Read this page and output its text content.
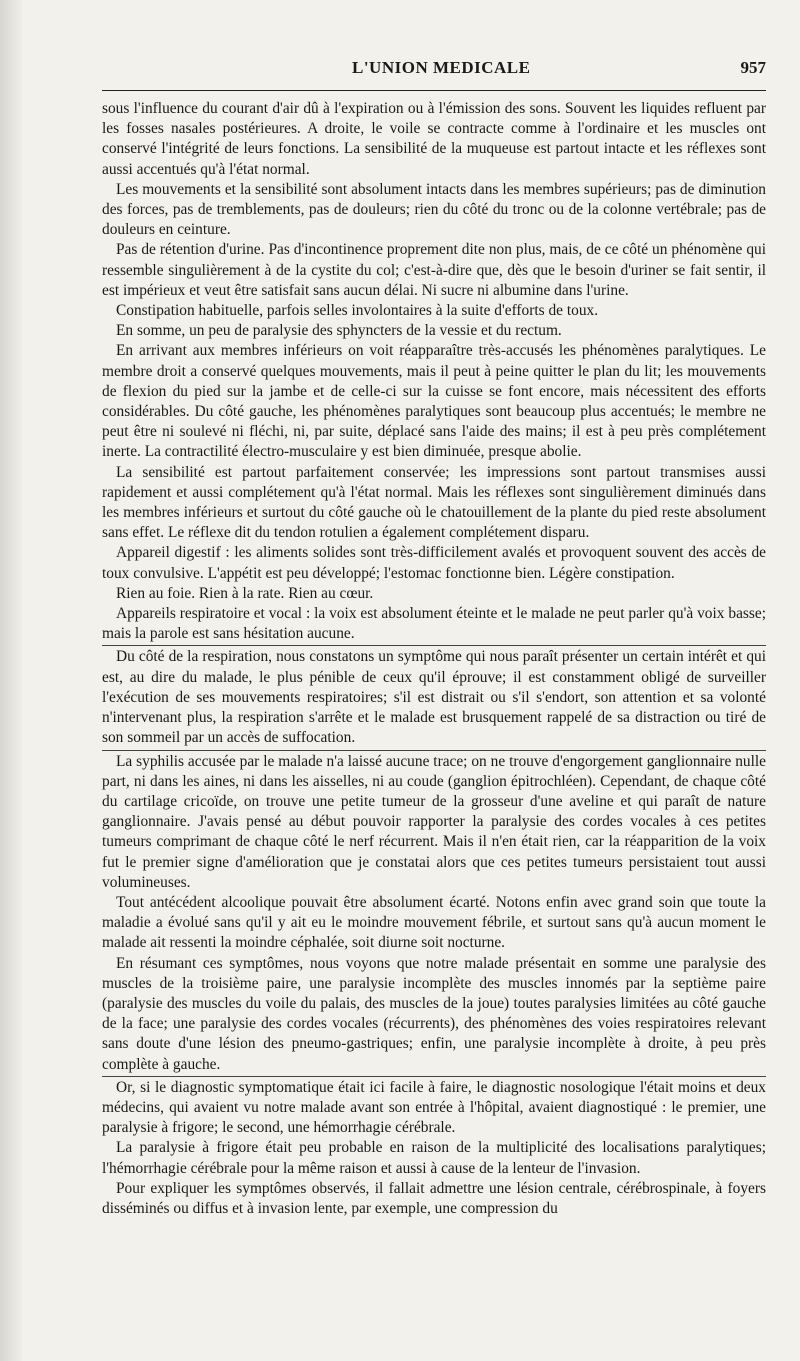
L'UNION MEDICALE	957

sous l'influence du courant d'air dû à l'expiration ou à l'émission des sons. Souvent les liquides refluent par les fosses nasales postérieures. A droite, le voile se contracte comme à l'ordinaire et les muscles ont conservé l'intégrité de leurs fonctions. La sensibilité de la muqueuse est partout intacte et les réflexes sont aussi accentués qu'à l'état normal.

Les mouvements et la sensibilité sont absolument intacts dans les membres supérieurs; pas de diminution des forces, pas de tremblements, pas de douleurs; rien du côté du tronc ou de la colonne vertébrale; pas de douleurs en ceinture.

Pas de rétention d'urine. Pas d'incontinence proprement dite non plus, mais, de ce côté un phénomène qui ressemble singulièrement à de la cystite du col; c'est-à-dire que, dès que le besoin d'uriner se fait sentir, il est impérieux et veut être satisfait sans aucun délai. Ni sucre ni albumine dans l'urine.

Constipation habituelle, parfois selles involontaires à la suite d'efforts de toux.

En somme, un peu de paralysie des sphyncters de la vessie et du rectum.

En arrivant aux membres inférieurs on voit réapparaître très-accusés les phénomènes paralytiques. Le membre droit a conservé quelques mouvements, mais il peut à peine quitter le plan du lit; les mouvements de flexion du pied sur la jambe et de celle-ci sur la cuisse se font encore, mais nécessitent des efforts considérables. Du côté gauche, les phénomènes paralytiques sont beaucoup plus accentués; le membre ne peut être ni soulevé ni fléchi, ni, par suite, déplacé sans l'aide des mains; il est à peu près complétement inerte. La contractilité électro-musculaire y est bien diminuée, presque abolie.

La sensibilité est partout parfaitement conservée; les impressions sont partout transmises aussi rapidement et aussi complétement qu'à l'état normal. Mais les réflexes sont singulièrement diminués dans les membres inférieurs et surtout du côté gauche où le chatouillement de la plante du pied reste absolument sans effet. Le réflexe dit du tendon rotulien a également complétement disparu.

Appareil digestif : les aliments solides sont très-difficilement avalés et provoquent souvent des accès de toux convulsive. L'appétit est peu développé; l'estomac fonctionne bien. Légère constipation.

Rien au foie. Rien à la rate. Rien au cœur.

Appareils respiratoire et vocal : la voix est absolument éteinte et le malade ne peut parler qu'à voix basse; mais la parole est sans hésitation aucune.

Du côté de la respiration, nous constatons un symptôme qui nous paraît présenter un certain intérêt et qui est, au dire du malade, le plus pénible de ceux qu'il éprouve; il est constamment obligé de surveiller l'exécution de ses mouvements respiratoires; s'il est distrait ou s'il s'endort, son attention et sa volonté n'intervenant plus, la respiration s'arrête et le malade est brusquement rappelé de sa distraction ou tiré de son sommeil par un accès de suffocation.

La syphilis accusée par le malade n'a laissé aucune trace; on ne trouve d'engorgement ganglionnaire nulle part, ni dans les aines, ni dans les aisselles, ni au coude (ganglion épitrochléen). Cependant, de chaque côté du cartilage cricoïde, on trouve une petite tumeur de la grosseur d'une aveline et qui paraît de nature ganglionnaire. J'avais pensé au début pouvoir rapporter la paralysie des cordes vocales à ces petites tumeurs comprimant de chaque côté le nerf récurrent. Mais il n'en était rien, car la réapparition de la voix fut le premier signe d'amélioration que je constatai alors que ces petites tumeurs persistaient tout aussi volumineuses.

Tout antécédent alcoolique pouvait être absolument écarté. Notons enfin avec grand soin que toute la maladie a évolué sans qu'il y ait eu le moindre mouvement fébrile, et surtout sans qu'à aucun moment le malade ait ressenti la moindre céphalée, soit diurne soit nocturne.

En résumant ces symptômes, nous voyons que notre malade présentait en somme une paralysie des muscles de la troisième paire, une paralysie incomplète des muscles innomés par la septième paire (paralysie des muscles du voile du palais, des muscles de la joue) toutes paralysies limitées au côté gauche de la face; une paralysie des cordes vocales (récurrents), des phénomènes des voies respiratoires relevant sans doute d'une lésion des pneumo-gastriques; enfin, une paralysie incomplète à droite, à peu près complète à gauche.

Or, si le diagnostic symptomatique était ici facile à faire, le diagnostic nosologique l'était moins et deux médecins, qui avaient vu notre malade avant son entrée à l'hôpital, avaient diagnostiqué : le premier, une paralysie à frigore; le second, une hémorrhagie cérébrale.

La paralysie à frigore était peu probable en raison de la multiplicité des localisations paralytiques; l'hémorrhagie cérébrale pour la même raison et aussi à cause de la lenteur de l'invasion.

Pour expliquer les symptômes observés, il fallait admettre une lésion centrale, cérébrospinale, à foyers disséminés ou diffus et à invasion lente, par exemple, une compression du
